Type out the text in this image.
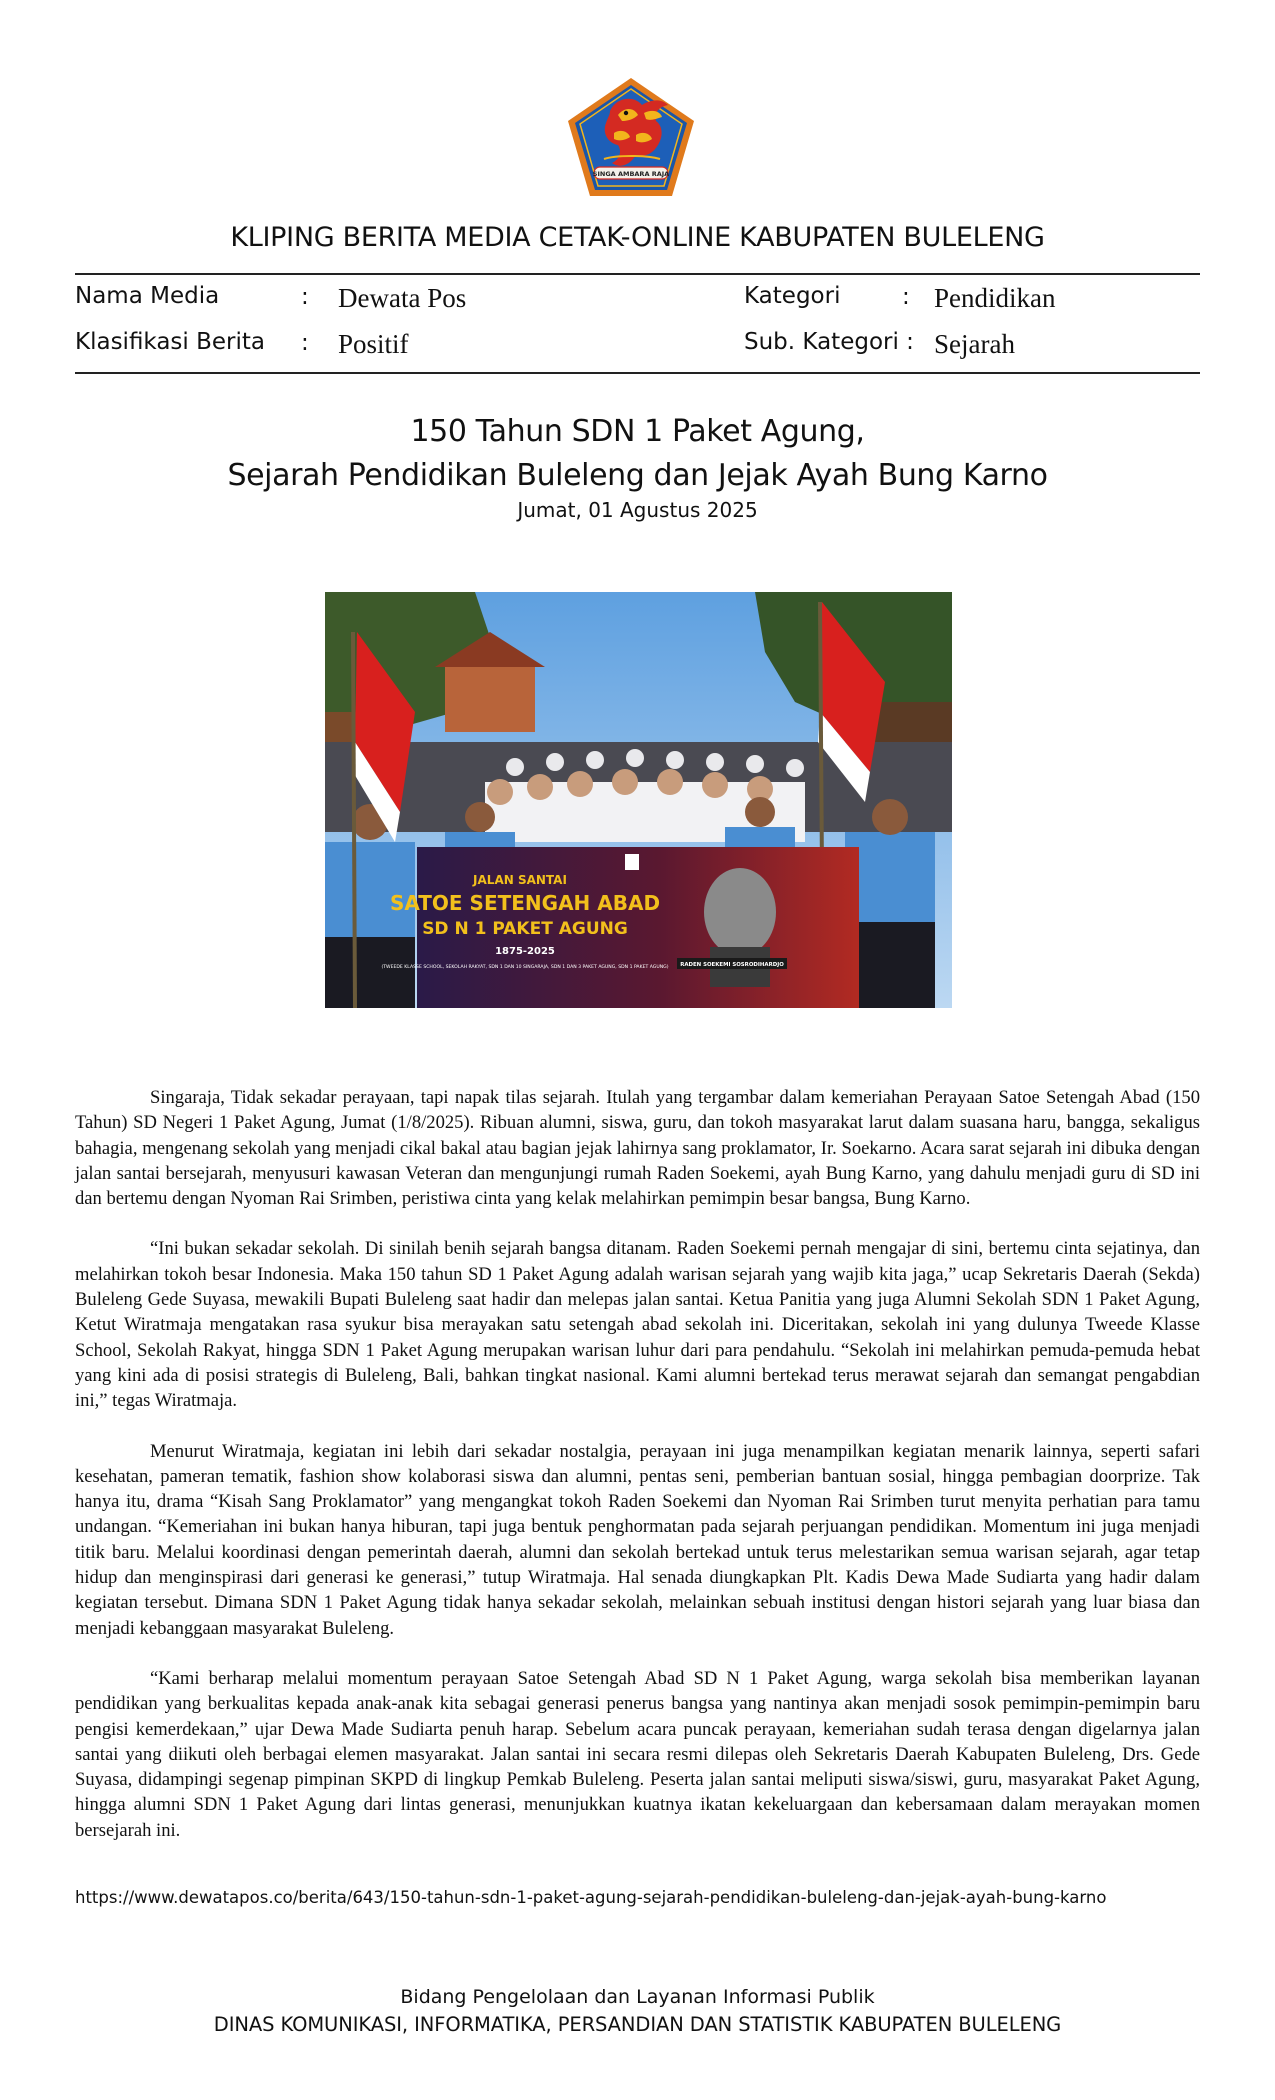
SINGA AMBARA RAJA
KLIPING BERITA MEDIA CETAK-ONLINE KABUPATEN BULELENG
Nama Media	: Dewata Pos	Kategori	: Pendidikan
Klasifikasi Berita : Positif	Sub. Kategori : Sejarah
150 Tahun SDN 1 Paket Agung,
Sejarah Pendidikan Buleleng dan Jejak Ayah Bung Karno
Jumat, 01 Agustus 2025
JALAN SANTAI
SATOE SETENGAH ABAD
SD N 1 PAKET AGUNG
1875-2025
(TWEEDE KLASSE SCHOOL, SEKOLAH RAKYAT, SDN 1 DAN 10 SINGARAJA, SDN 1 DAN 3 PAKET AGUNG, SDN 1 PAKET AGUNG) RADEN SOEKEMI SOSRODIHARDJO

Singaraja, Tidak sekadar perayaan, tapi napak tilas sejarah. Itulah yang tergambar dalam kemeriahan Perayaan Satoe Setengah Abad (150 Tahun) SD Negeri 1 Paket Agung, Jumat (1/8/2025). Ribuan alumni, siswa, guru, dan tokoh masyarakat larut dalam suasana haru, bangga, sekaligus bahagia, mengenang sekolah yang menjadi cikal bakal atau bagian jejak lahirnya sang proklamator, Ir. Soekarno. Acara sarat sejarah ini dibuka dengan jalan santai bersejarah, menyusuri kawasan Veteran dan mengunjungi rumah Raden Soekemi, ayah Bung Karno, yang dahulu menjadi guru di SD ini dan bertemu dengan Nyoman Rai Srimben, peristiwa cinta yang kelak melahirkan pemimpin besar bangsa, Bung Karno.

“Ini bukan sekadar sekolah. Di sinilah benih sejarah bangsa ditanam. Raden Soekemi pernah mengajar di sini, bertemu cinta sejatinya, dan melahirkan tokoh besar Indonesia. Maka 150 tahun SD 1 Paket Agung adalah warisan sejarah yang wajib kita jaga,” ucap Sekretaris Daerah (Sekda) Buleleng Gede Suyasa, mewakili Bupati Buleleng saat hadir dan melepas jalan santai. Ketua Panitia yang juga Alumni Sekolah SDN 1 Paket Agung, Ketut Wiratmaja mengatakan rasa syukur bisa merayakan satu setengah abad sekolah ini. Diceritakan, sekolah ini yang dulunya Tweede Klasse School, Sekolah Rakyat, hingga SDN 1 Paket Agung merupakan warisan luhur dari para pendahulu. “Sekolah ini melahirkan pemuda-pemuda hebat yang kini ada di posisi strategis di Buleleng, Bali, bahkan tingkat nasional. Kami alumni bertekad terus merawat sejarah dan semangat pengabdian ini,” tegas Wiratmaja.

Menurut Wiratmaja, kegiatan ini lebih dari sekadar nostalgia, perayaan ini juga menampilkan kegiatan menarik lainnya, seperti safari kesehatan, pameran tematik, fashion show kolaborasi siswa dan alumni, pentas seni, pemberian bantuan sosial, hingga pembagian doorprize. Tak hanya itu, drama “Kisah Sang Proklamator” yang mengangkat tokoh Raden Soekemi dan Nyoman Rai Srimben turut menyita perhatian para tamu undangan. “Kemeriahan ini bukan hanya hiburan, tapi juga bentuk penghormatan pada sejarah perjuangan pendidikan. Momentum ini juga menjadi titik baru. Melalui koordinasi dengan pemerintah daerah, alumni dan sekolah bertekad untuk terus melestarikan semua warisan sejarah, agar tetap hidup dan menginspirasi dari generasi ke generasi,” tutup Wiratmaja. Hal senada diungkapkan Plt. Kadis Dewa Made Sudiarta yang hadir dalam kegiatan tersebut. Dimana SDN 1 Paket Agung tidak hanya sekadar sekolah, melainkan sebuah institusi dengan histori sejarah yang luar biasa dan menjadi kebanggaan masyarakat Buleleng.

“Kami berharap melalui momentum perayaan Satoe Setengah Abad SD N 1 Paket Agung, warga sekolah bisa memberikan layanan pendidikan yang berkualitas kepada anak-anak kita sebagai generasi penerus bangsa yang nantinya akan menjadi sosok pemimpin-pemimpin baru pengisi kemerdekaan,” ujar Dewa Made Sudiarta penuh harap. Sebelum acara puncak perayaan, kemeriahan sudah terasa dengan digelarnya jalan santai yang diikuti oleh berbagai elemen masyarakat. Jalan santai ini secara resmi dilepas oleh Sekretaris Daerah Kabupaten Buleleng, Drs. Gede Suyasa, didampingi segenap pimpinan SKPD di lingkup Pemkab Buleleng. Peserta jalan santai meliputi siswa/siswi, guru, masyarakat Paket Agung, hingga alumni SDN 1 Paket Agung dari lintas generasi, menunjukkan kuatnya ikatan kekeluargaan dan kebersamaan dalam merayakan momen bersejarah ini.

https://www.dewatapos.co/berita/643/150-tahun-sdn-1-paket-agung-sejarah-pendidikan-buleleng-dan-jejak-ayah-bung-karno
Bidang Pengelolaan dan Layanan Informasi Publik
DINAS KOMUNIKASI, INFORMATIKA, PERSANDIAN DAN STATISTIK KABUPATEN BULELENG
